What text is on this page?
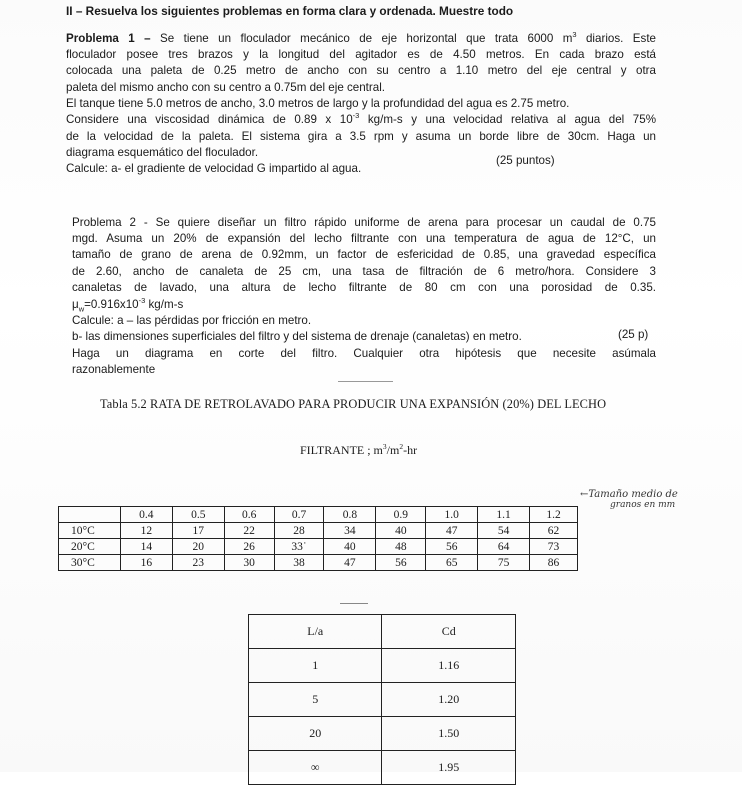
II – Resuelva los siguientes problemas en forma clara y ordenada. Muestre todo
Problema 1 – Se tiene un floculador mecánico de eje horizontal que trata 6000 $m^3$ diarios. Este
floculador posee tres brazos y la longitud del agitador es de 4.50 metros. En cada brazo está
colocada una paleta de 0.25 metro de ancho con su centro a 1.10 metro del eje central y otra
paleta del mismo ancho con su centro a 0.75m del eje central.
El tanque tiene 5.0 metros de ancho, 3.0 metros de largo y la profundidad del agua es 2.75 metro.
Considere una viscosidad dinámica de 0.89 x $10^{-3}$ kg/m-s y una velocidad relativa al agua del 75%
de la velocidad de la paleta. El sistema gira a 3.5 rpm y asuma un borde libre de 30cm. Haga un
diagrama esquemático del floculador.
Calcule: a- el gradiente de velocidad G impartido al agua.
(25 puntos)
Problema 2 - Se quiere diseñar un filtro rápido uniforme de arena para procesar un caudal de 0.75
mgd. Asuma un 20% de expansión del lecho filtrante con una temperatura de agua de 12°C, un
tamaño de grano de arena de 0.92mm, un factor de esfericidad de 0.85, una gravedad específica
de 2.60, ancho de canaleta de 25 cm, una tasa de filtración de 6 metro/hora. Considere 3
canaletas de lavado, una altura de lecho filtrante de 80 cm con una porosidad de 0.35.
$\mu_w=0.916x10^{-3}$ kg/m-s
Calcule: a – las pérdidas por fricción en metro.
b- las dimensiones superficiales del filtro y del sistema de drenaje (canaletas) en metro.	(25 p)
Haga un diagrama en corte del filtro. Cualquier otra hipótesis que necesite asúmala
razonablemente
Tabla 5.2 RATA DE RETROLAVADO PARA PRODUCIR UNA EXPANSIÓN (20%) DEL LECHO
FILTRANTE ; $m^3/m^2-hr$
←Tamaño medio de
granos en mm
	0.4	0.5	0.6	0.7	0.8	0.9	1.0	1.1	1.2
10°C	12	17	22	28	34	40	47	54	62
20°C	14	20	26	33˙	40	48	56	64	73
30°C	16	23	30	38	47	56	65	75	86
L/a	Cd
1	1.16
5	1.20
20	1.50
∞	1.95
